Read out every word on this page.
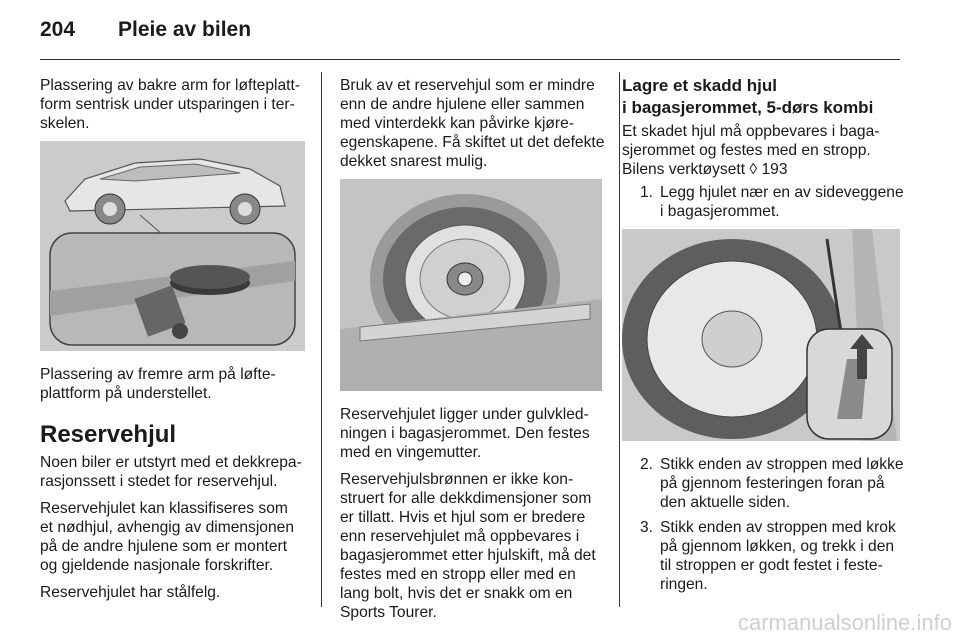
204	Pleie av bilen

Plassering av bakre arm for løfteplattform sentrisk under utsparingen i terskelen.

Plassering av fremre arm på løfteplattform på understellet.

Reservehjul

Noen biler er utstyrt med et dekkreparasjonssett i stedet for reservehjul.

Reservehjulet kan klassifiseres som et nødhjul, avhengig av dimensjonen på de andre hjulene som er montert og gjeldende nasjonale forskrifter.

Reservehjulet har stålfelg.

Bruk av et reservehjul som er mindre enn de andre hjulene eller sammen med vinterdekk kan påvirke kjøreegenskapene. Få skiftet ut det defekte dekket snarest mulig.

Reservehjulet ligger under gulvkledningen i bagasjerommet. Den festes med en vingemutter.

Reservehjulsbrønnen er ikke konstruert for alle dekkdimensjoner som er tillatt. Hvis et hjul som er bredere enn reservehjulet må oppbevares i bagasjerommet etter hjulskift, må det festes med en stropp eller med en lang bolt, hvis det er snakk om en Sports Tourer.

Lagre et skadd hjul
i bagasjerommet, 5-dørs kombi

Et skadet hjul må oppbevares i bagasjerommet og festes med en stropp.

Bilens verktøysett ◊ 193

1. Legg hjulet nær en av sideveggene i bagasjerommet.
2. Stikk enden av stroppen med løkke på gjennom festeringen foran på den aktuelle siden.
3. Stikk enden av stroppen med krok på gjennom løkken, og trekk i den til stroppen er godt festet i festeringen.
carmanualsonline.info
